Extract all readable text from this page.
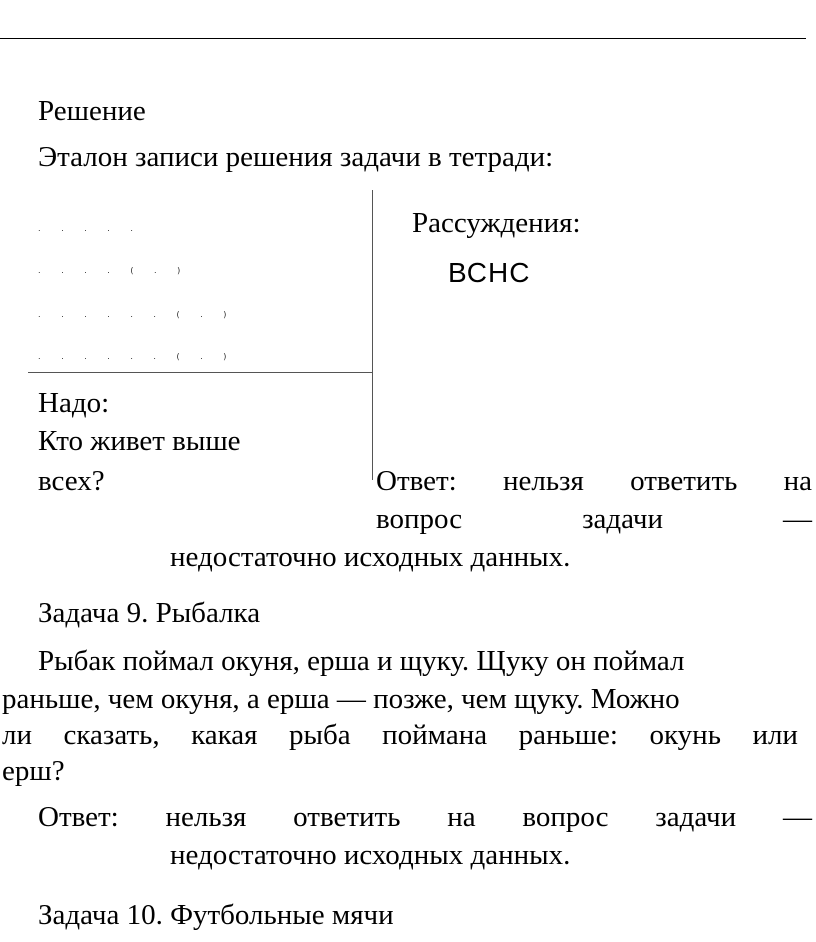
Решение
Эталон записи решения задачи в тетради:
. . . . .
. . . . ( . )
. . . . . . ( . )
. . . . . . ( . )
Рассуждения:
ВСНС
Надо:
Кто живет выше
всех?	Ответ: нельзя ответить на
вопрос	задачи	—
недостаточно исходных данных.
Задача 9. Рыбалка
Рыбак поймал окуня, ерша и щуку. Щуку он поймал
раньше, чем окуня, а ерша — позже, чем щуку. Можно
ли сказать, какая рыба поймана раньше: окунь или
ерш?
Ответ: нельзя ответить на вопрос задачи —
недостаточно исходных данных.
Задача 10. Футбольные мячи
